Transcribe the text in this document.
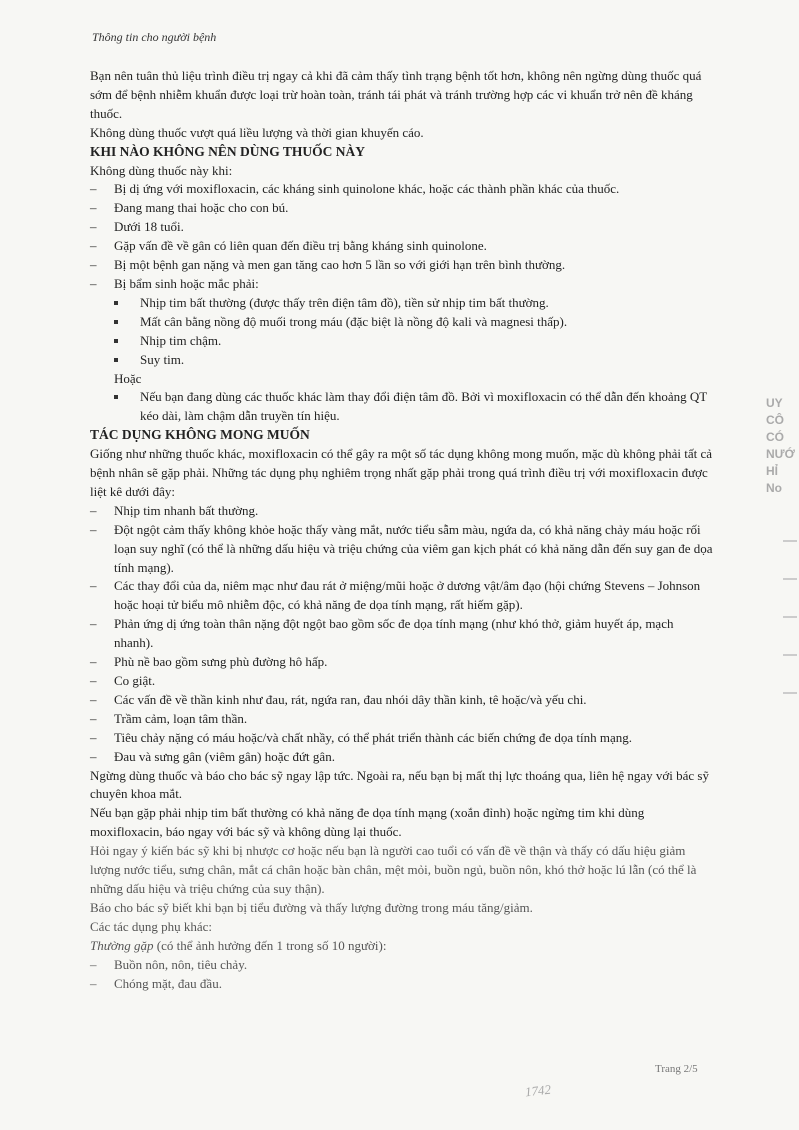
Thông tin cho người bệnh

Bạn nên tuân thủ liệu trình điều trị ngay cả khi đã cảm thấy tình trạng bệnh tốt hơn, không nên ngừng dùng thuốc quá sớm để bệnh nhiễm khuẩn được loại trừ hoàn toàn, tránh tái phát và tránh trường hợp các vi khuẩn trở nên đề kháng thuốc.

Không dùng thuốc vượt quá liều lượng và thời gian khuyến cáo.

KHI NÀO KHÔNG NÊN DÙNG THUỐC NÀY

Không dùng thuốc này khi:

– Bị dị ứng với moxifloxacin, các kháng sinh quinolone khác, hoặc các thành phần khác của thuốc.
– Đang mang thai hoặc cho con bú.
– Dưới 18 tuổi.
– Gặp vấn đề về gân có liên quan đến điều trị bằng kháng sinh quinolone.
– Bị một bệnh gan nặng và men gan tăng cao hơn 5 lần so với giới hạn trên bình thường.
– Bị bẩm sinh hoặc mắc phải:
Nhịp tim bất thường (được thấy trên điện tâm đồ), tiền sử nhịp tim bất thường.
Mất cân bằng nồng độ muối trong máu (đặc biệt là nồng độ kali và magnesi thấp).
Nhịp tim chậm.
Suy tim.

Hoặc

Nếu bạn đang dùng các thuốc khác làm thay đổi điện tâm đồ. Bởi vì moxifloxacin có thể dẫn đến khoảng QT kéo dài, làm chậm dẫn truyền tín hiệu.

TÁC DỤNG KHÔNG MONG MUỐN

Giống như những thuốc khác, moxifloxacin có thể gây ra một số tác dụng không mong muốn, mặc dù không phải tất cả bệnh nhân sẽ gặp phải. Những tác dụng phụ nghiêm trọng nhất gặp phải trong quá trình điều trị với moxifloxacin được liệt kê dưới đây:

– Nhịp tim nhanh bất thường.
– Đột ngột cảm thấy không khỏe hoặc thấy vàng mắt, nước tiểu sẫm màu, ngứa da, có khả năng chảy máu hoặc rối loạn suy nghĩ (có thể là những dấu hiệu và triệu chứng của viêm gan kịch phát có khả năng dẫn đến suy gan đe dọa tính mạng).
– Các thay đổi của da, niêm mạc như đau rát ở miệng/mũi hoặc ở dương vật/âm đạo (hội chứng Stevens – Johnson hoặc hoại tử biểu mô nhiễm độc, có khả năng đe dọa tính mạng, rất hiếm gặp).
– Phản ứng dị ứng toàn thân nặng đột ngột bao gồm sốc đe dọa tính mạng (như khó thở, giảm huyết áp, mạch nhanh).
– Phù nề bao gồm sưng phù đường hô hấp.
– Co giật.
– Các vấn đề về thần kinh như đau, rát, ngứa ran, đau nhói dây thần kinh, tê hoặc/và yếu chi.
– Trầm cảm, loạn tâm thần.
– Tiêu chảy nặng có máu hoặc/và chất nhầy, có thể phát triển thành các biến chứng đe dọa tính mạng.
– Đau và sưng gân (viêm gân) hoặc đứt gân.

Ngừng dùng thuốc và báo cho bác sỹ ngay lập tức. Ngoài ra, nếu bạn bị mất thị lực thoáng qua, liên hệ ngay với bác sỹ chuyên khoa mắt.

Nếu bạn gặp phải nhịp tim bất thường có khả năng đe dọa tính mạng (xoắn đỉnh) hoặc ngừng tim khi dùng moxifloxacin, báo ngay với bác sỹ và không dùng lại thuốc.

Hỏi ngay ý kiến bác sỹ khi bị nhược cơ hoặc nếu bạn là người cao tuổi có vấn đề về thận và thấy có dấu hiệu giảm lượng nước tiểu, sưng chân, mắt cá chân hoặc bàn chân, mệt mỏi, buồn ngủ, buồn nôn, khó thở hoặc lú lẫn (có thể là những dấu hiệu và triệu chứng của suy thận).

Báo cho bác sỹ biết khi bạn bị tiểu đường và thấy lượng đường trong máu tăng/giảm.

Các tác dụng phụ khác:

Thường gặp (có thể ảnh hưởng đến 1 trong số 10 người):

– Buồn nôn, nôn, tiêu chảy.
– Chóng mặt, đau đầu.
Trang 2/5
1742
UY
CÔ
CÓ
NƯỚ
HỈ
No
